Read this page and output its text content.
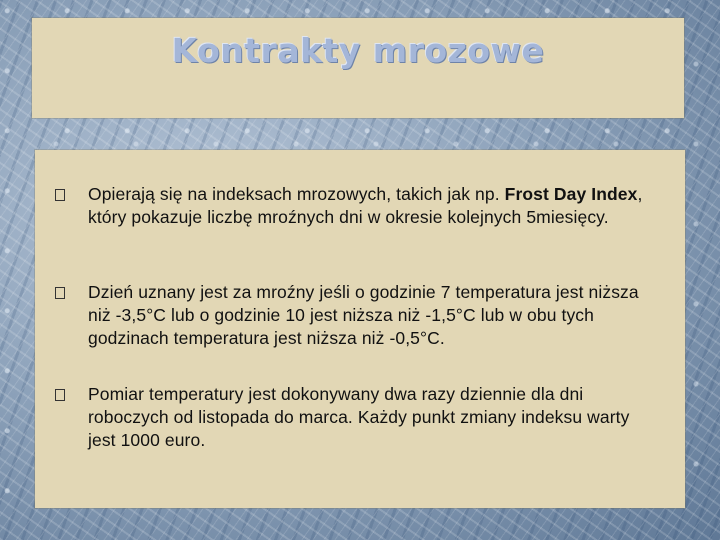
Kontrakty mrozowe
Opierają się na indeksach mrozowych, takich jak np. Frost Day Index, który pokazuje liczbę mroźnych dni w okresie kolejnych 5miesięcy.
Dzień uznany jest za mroźny jeśli o godzinie 7 temperatura jest niższa niż -3,5°C lub o godzinie 10 jest niższa niż -1,5°C lub w obu tych godzinach temperatura jest niższa niż -0,5°C.
Pomiar temperatury jest dokonywany dwa razy dziennie dla dni roboczych od listopada do marca. Każdy punkt zmiany indeksu warty jest 1000 euro.
